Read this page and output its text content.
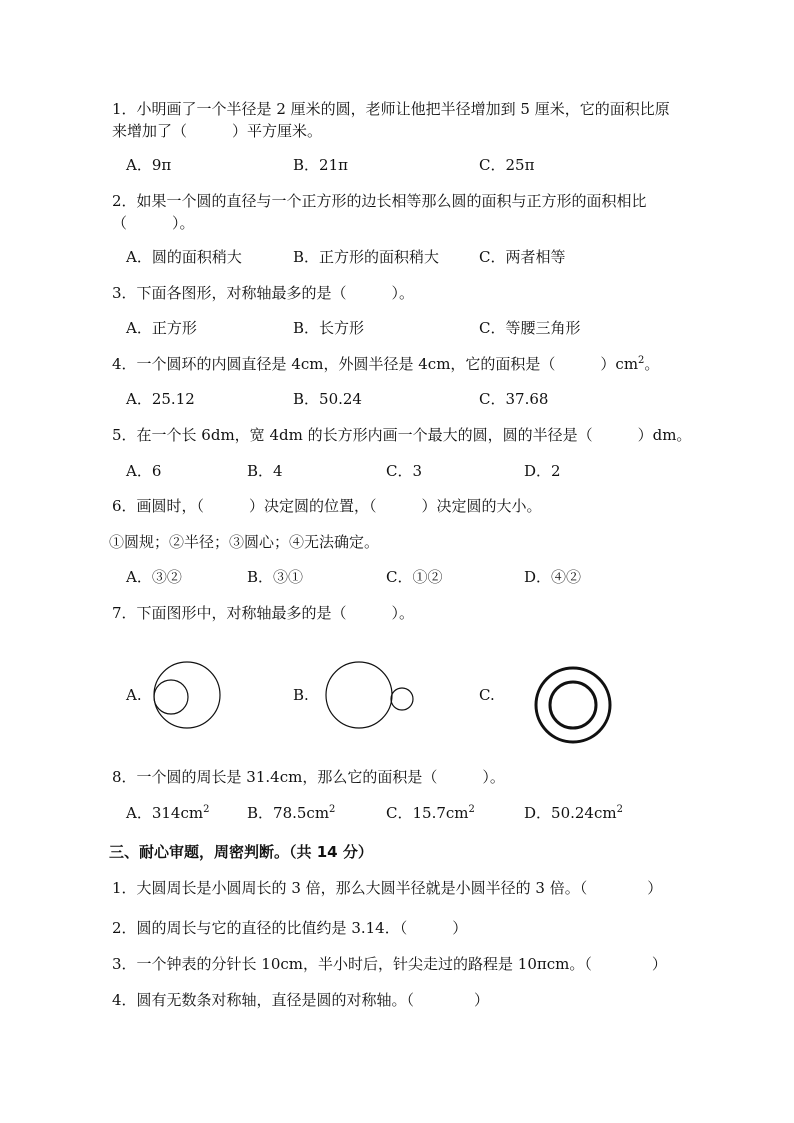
1．小明画了一个半径是 2 厘米的圆，老师让他把半径增加到 5 厘米，它的面积比原
来增加了（　　　）平方厘米。
A．9π	B．21π	C．25π
2．如果一个圆的直径与一个正方形的边长相等那么圆的面积与正方形的面积相比
（　　　）。
A．圆的面积稍大	B．正方形的面积稍大	C．两者相等
3．下面各图形，对称轴最多的是（　　　）。
A．正方形	B．长方形	C．等腰三角形
4．一个圆环的内圆直径是 4cm，外圆半径是 4cm，它的面积是（　　　）$cm^2$。
A．25.12	B．50.24	C．37.68
5．在一个长 6dm，宽 4dm 的长方形内画一个最大的圆，圆的半径是（　　　）dm。
A．6	B．4	C．3	D．2
6．画圆时，（　　　）决定圆的位置，（　　　）决定圆的大小。
①圆规；②半径；③圆心；④无法确定。
A．③②	B．③①	C．①②	D．④②
7．下面图形中，对称轴最多的是（　　　）。
A.	B.	C.
8．一个圆的周长是 31.4cm，那么它的面积是（　　　）。
A．$314cm^2$	B．$78.5cm^2$	C．$15.7cm^2$	D．$50.24cm^2$
三、耐心审题，周密判断。（共 14 分）
1．大圆周长是小圆周长的 3 倍，那么大圆半径就是小圆半径的 3 倍。（　　　　）
2．圆的周长与它的直径的比值约是 3.14．（　　　）
3．一个钟表的分针长 10cm，半小时后，针尖走过的路程是 10πcm。（　　　　）
4．圆有无数条对称轴，直径是圆的对称轴。（　　　　）
